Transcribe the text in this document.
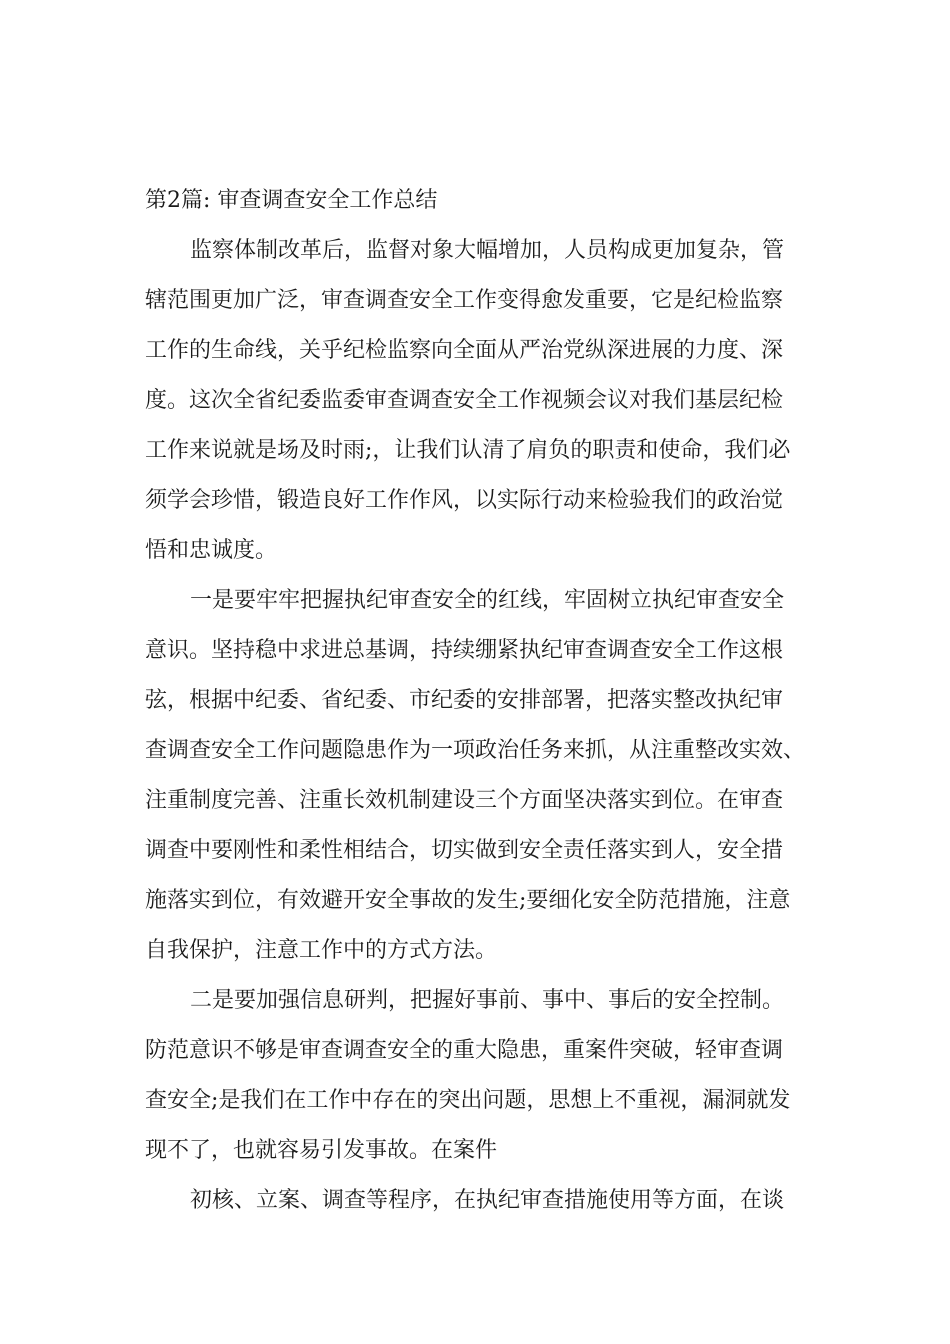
第2篇: 审查调查安全工作总结
监察体制改革后，监督对象大幅增加，人员构成更加复杂，管
辖范围更加广泛，审查调查安全工作变得愈发重要，它是纪检监察
工作的生命线，关乎纪检监察向全面从严治党纵深进展的力度、深
度。这次全省纪委监委审查调查安全工作视频会议对我们基层纪检
工作来说就是场及时雨;，让我们认清了肩负的职责和使命，我们必
须学会珍惜，锻造良好工作作风，以实际行动来检验我们的政治觉
悟和忠诚度。
一是要牢牢把握执纪审查安全的红线，牢固树立执纪审查安全
意识。坚持稳中求进总基调，持续绷紧执纪审查调查安全工作这根
弦，根据中纪委、省纪委、市纪委的安排部署，把落实整改执纪审
查调查安全工作问题隐患作为一项政治任务来抓，从注重整改实效、
注重制度完善、注重长效机制建设三个方面坚决落实到位。在审查
调查中要刚性和柔性相结合，切实做到安全责任落实到人，安全措
施落实到位，有效避开安全事故的发生;要细化安全防范措施，注意
自我保护，注意工作中的方式方法。
二是要加强信息研判，把握好事前、事中、事后的安全控制。
防范意识不够是审查调查安全的重大隐患，重案件突破，轻审查调
查安全;是我们在工作中存在的突出问题，思想上不重视，漏洞就发
现不了，也就容易引发事故。在案件
初核、立案、调查等程序，在执纪审查措施使用等方面，在谈
